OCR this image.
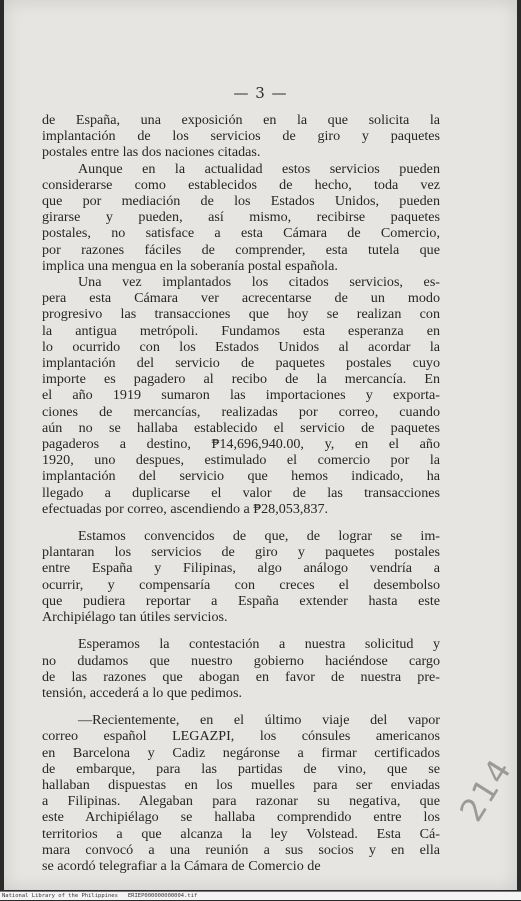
— 3 —

de España, una exposición en la que solicita la

implantación de los servicios de giro y paquetes

postales entre las dos naciones citadas.

Aunque en la actualidad estos servicios pueden

considerarse como establecidos de hecho, toda vez

que por mediación de los Estados Unidos, pueden

girarse y pueden, así mismo, recibirse paquetes

postales, no satisface a esta Cámara de Comercio,

por razones fáciles de comprender, esta tutela que

implica una mengua en la soberanía postal española.

Una vez implantados los citados servicios, es-

pera esta Cámara ver acrecentarse de un modo

progresivo las transacciones que hoy se realizan con

la antigua metrópoli. Fundamos esta esperanza en

lo ocurrido con los Estados Unidos al acordar la

implantación del servicio de paquetes postales cuyo

importe es pagadero al recibo de la mercancía. En

el año 1919 sumaron las importaciones y exporta-

ciones de mercancías, realizadas por correo, cuando

aún no se hallaba establecido el servicio de paquetes

pagaderos a destino, ₱14,696,940.00, y, en el año

1920, uno despues, estimulado el comercio por la

implantación del servicio que hemos indicado, ha

llegado a duplicarse el valor de las transacciones

efectuadas por correo, ascendiendo a ₱28,053,837.

Estamos convencidos de que, de lograr se im-

plantaran los servicios de giro y paquetes postales

entre España y Filipinas, algo análogo vendría a

ocurrir, y compensaría con creces el desembolso

que pudiera reportar a España extender hasta este

Archipiélago tan útiles servicios.

Esperamos la contestación a nuestra solicitud y

no dudamos que nuestro gobierno haciéndose cargo

de las razones que abogan en favor de nuestra pre-

tensión, accederá a lo que pedimos.

—Recientemente, en el último viaje del vapor

correo español LEGAZPI, los cónsules americanos

en Barcelona y Cadiz negáronse a firmar certificados

de embarque, para las partidas de vino, que se

hallaban dispuestas en los muelles para ser enviadas

a Filipinas. Alegaban para razonar su negativa, que

este Archipiélago se hallaba comprendido entre los

territorios a que alcanza la ley Volstead. Esta Cá-

mara convocó a una reunión a sus socios y en ella

se acordó telegrafiar a la Cámara de Comercio de

214
National Library of the Philippines   ERIEP000000000004.tif
